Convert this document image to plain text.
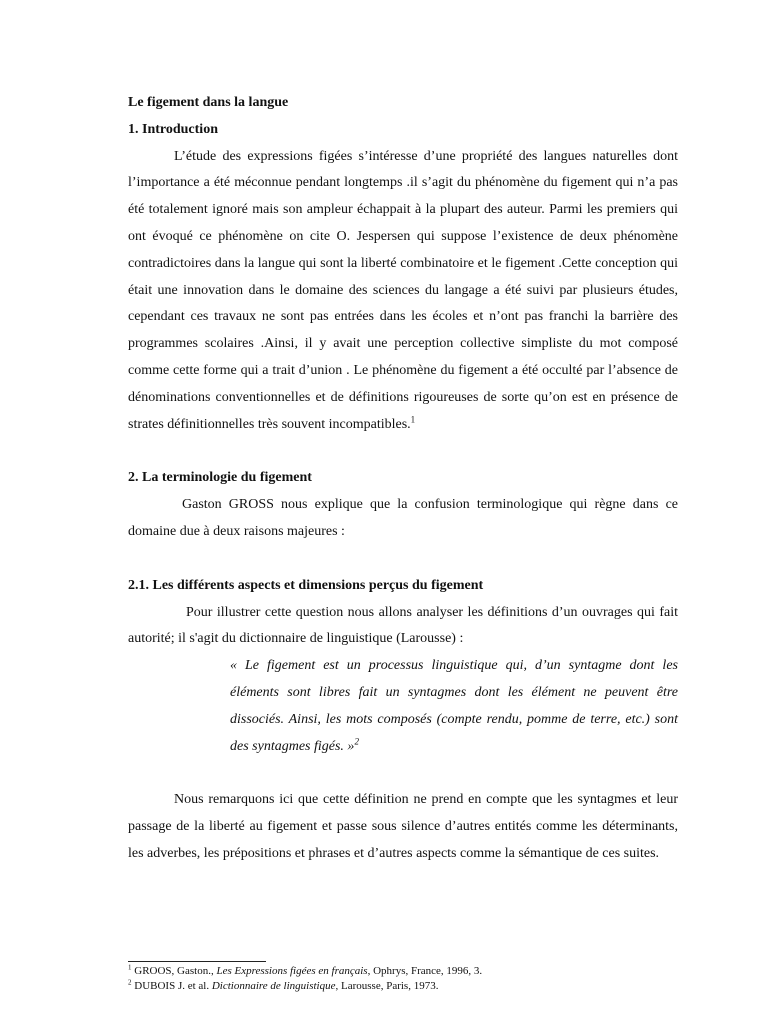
Le figement dans la langue

1. Introduction

L’étude des expressions figées s’intéresse d’une propriété des langues naturelles dont l’importance a été méconnue pendant longtemps .il s’agit du phénomène du figement qui n’a pas été totalement ignoré mais son ampleur échappait à la plupart des auteur. Parmi les premiers qui ont évoqué ce phénomène on cite O. Jespersen qui suppose l’existence de deux phénomène contradictoires dans la langue qui sont la liberté combinatoire et le figement .Cette conception qui était une innovation dans le domaine des sciences du langage a été suivi par plusieurs études, cependant ces travaux ne sont pas entrées dans les écoles et n’ont pas franchi la barrière des programmes scolaires .Ainsi, il y avait une perception collective simpliste du mot composé comme cette forme qui a trait d’union . Le phénomène du figement a été occulté par l’absence de dénominations conventionnelles et de définitions rigoureuses de sorte qu’on est en présence de strates définitionnelles très souvent incompatibles.$^1$

2. La terminologie du figement

Gaston GROSS nous explique que la confusion terminologique qui règne dans ce domaine due à deux raisons majeures :

2.1. Les différents aspects et dimensions perçus du figement

Pour illustrer cette question nous allons analyser les définitions d’un ouvrages qui fait autorité; il s'agit du dictionnaire de linguistique (Larousse) :

« Le figement est un processus linguistique qui, d’un syntagme dont les éléments sont libres fait un syntagmes dont les élément ne peuvent être dissociés. Ainsi, les mots composés (compte rendu, pomme de terre, etc.) sont des syntagmes figés. »$^2$

Nous remarquons ici que cette définition ne prend en compte que les syntagmes et leur passage de la liberté au figement et passe sous silence d’autres entités comme les déterminants, les adverbes, les prépositions et phrases et d’autres aspects comme la sémantique de ces suites.

$^1$ GROOS, Gaston., Les Expressions figées en français, Ophrys, France, 1996, 3.
$^2$ DUBOIS J. et al. Dictionnaire de linguistique, Larousse, Paris, 1973.
